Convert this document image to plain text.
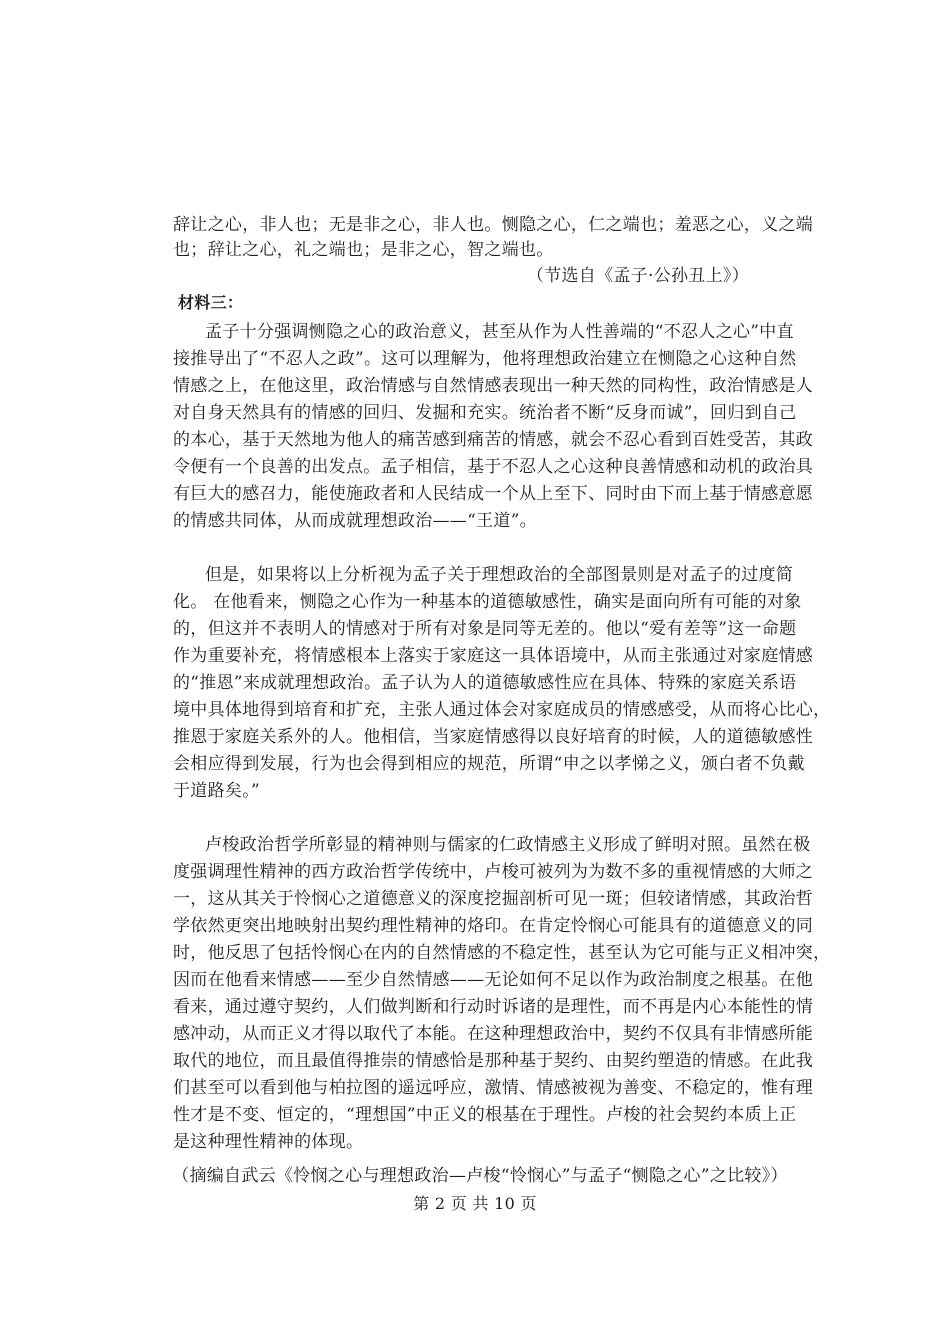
辞让之心，非人也；无是非之心，非人也。恻隐之心，仁之端也；羞恶之心，义之端
也；辞让之心，礼之端也；是非之心，智之端也。
（节选自《孟子·公孙丑上》）
材料三：
孟子十分强调恻隐之心的政治意义，甚至从作为人性善端的“不忍人之心”中直
接推导出了“不忍人之政”。这可以理解为，他将理想政治建立在恻隐之心这种自然
情感之上，在他这里，政治情感与自然情感表现出一种天然的同构性，政治情感是人
对自身天然具有的情感的回归、发掘和充实。统治者不断“反身而诚”，回归到自己
的本心，基于天然地为他人的痛苦感到痛苦的情感，就会不忍心看到百姓受苦，其政
令便有一个良善的出发点。孟子相信，基于不忍人之心这种良善情感和动机的政治具
有巨大的感召力，能使施政者和人民结成一个从上至下、同时由下而上基于情感意愿
的情感共同体，从而成就理想政治——“王道”。
但是，如果将以上分析视为孟子关于理想政治的全部图景则是对孟子的过度简
化。 在他看来，恻隐之心作为一种基本的道德敏感性，确实是面向所有可能的对象
的，但这并不表明人的情感对于所有对象是同等无差的。他以“爱有差等”这一命题
作为重要补充，将情感根本上落实于家庭这一具体语境中，从而主张通过对家庭情感
的“推恩”来成就理想政治。孟子认为人的道德敏感性应在具体、特殊的家庭关系语
境中具体地得到培育和扩充，主张人通过体会对家庭成员的情感感受，从而将心比心，
推恩于家庭关系外的人。他相信，当家庭情感得以良好培育的时候，人的道德敏感性
会相应得到发展，行为也会得到相应的规范，所谓“申之以孝悌之义，颁白者不负戴
于道路矣。”
卢梭政治哲学所彰显的精神则与儒家的仁政情感主义形成了鲜明对照。虽然在极
度强调理性精神的西方政治哲学传统中，卢梭可被列为为数不多的重视情感的大师之
一，这从其关于怜悯心之道德意义的深度挖掘剖析可见一斑；但较诸情感，其政治哲
学依然更突出地映射出契约理性精神的烙印。在肯定怜悯心可能具有的道德意义的同
时，他反思了包括怜悯心在内的自然情感的不稳定性，甚至认为它可能与正义相冲突，
因而在他看来情感——至少自然情感——无论如何不足以作为政治制度之根基。在他
看来，通过遵守契约，人们做判断和行动时诉诸的是理性，而不再是内心本能性的情
感冲动，从而正义才得以取代了本能。在这种理想政治中，契约不仅具有非情感所能
取代的地位，而且最值得推崇的情感恰是那种基于契约、由契约塑造的情感。在此我
们甚至可以看到他与柏拉图的遥远呼应，激情、情感被视为善变、不稳定的，惟有理
性才是不变、恒定的，“理想国”中正义的根基在于理性。卢梭的社会契约本质上正
是这种理性精神的体现。
（摘编自武云《怜悯之心与理想政治—卢梭“怜悯心”与孟子“恻隐之心”之比较》）
第 2 页 共 10 页
